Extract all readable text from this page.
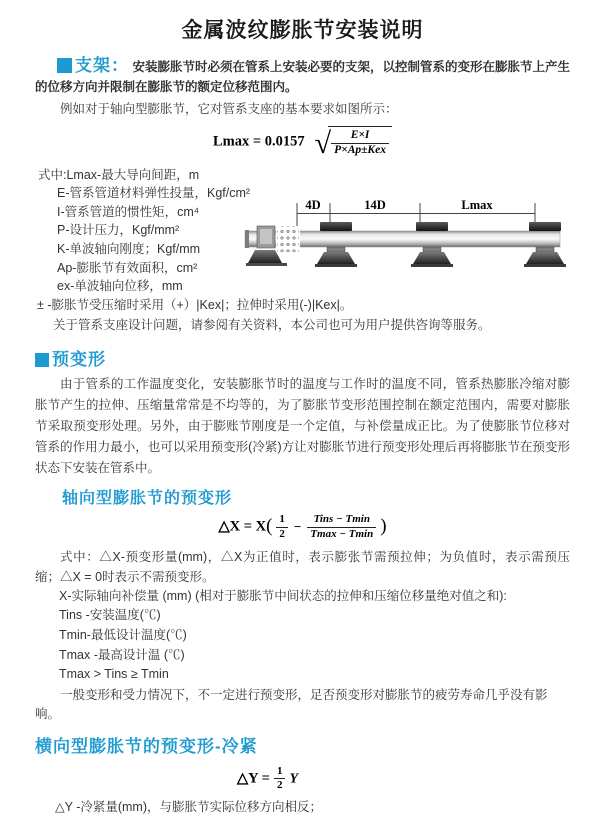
金属波纹膨胀节安装说明

支架： 安装膨胀节时必须在管系上安装必要的支架，以控制管系的变形在膨胀节上产生的位移方向并限制在膨胀节的额定位移范围内。

例如对于轴向型膨胀节，它对管系支座的基本要求如图所示：

Lmax = 0.0157 √ $\frac{E\times I}{\text{P×Ap±Kex}}$
式中:Lmax-最大导向间距，m
E-管系管道材料弹性投量，Kgf/cm²
I-管系管道的惯性矩，cm⁴
P-设计压力，Kgf/mm²
K-单波轴向刚度；Kgf/mm
Ap-膨胀节有效面积，cm²
ex-单波轴向位移，mm
± -膨胀节受压缩时采用（+）|Kex|；拉伸时采用(-)|Kex|。
4D	14D	Lmax

关于管系支座设计问题，请参阅有关资料，本公司也可为用户提供咨询等服务。

预变形

由于管系的工作温度变化，安装膨胀节时的温度与工作时的温度不同，管系热膨胀冷缩对膨胀节产生的拉伸、压缩量常常是不均等的，为了膨胀节变形范围控制在额定范围内，需要对膨胀节采取预变形处理。另外，由于膨账节刚度是一个定值，与补偿量成正比。为了使膨胀节位移对管系的作用力最小，也可以采用预变形(冷紧)方让对膨胀节进行预变形处理后再将膨胀节在预变形状态下安装在管系中。

轴向型膨胀节的预变形
△X = $X( \frac{1}{2} - \frac{\text{Tins − Tmin}}{Tmax - Tmin}$ )

式中：△X-预变形量(mm)，△X为正值时，表示膨张节需预拉伸；为负值时，表示需预压缩；△X = 0时表示不需预变形。

X-实际轴向补偿量 (mm) (相对于膨胀节中间状态的拉伸和压缩位移量绝对值之和):
Tins -安装温度(℃)
Tmin-最低设计温度(℃)
Tmax -最高设计温 (℃)
Tmax > Tins ≥ Tmin

一般变形和受力情况下，不一定进行预变形，足否预变形对膨胀节的疲劳寿命几乎没有影响。

横向型膨胀节的预变形-冷紧
△Y = $\frac{1}{2}$ Y

△Y -冷紧量(mm)，与膨胀节实际位移方向相反；
